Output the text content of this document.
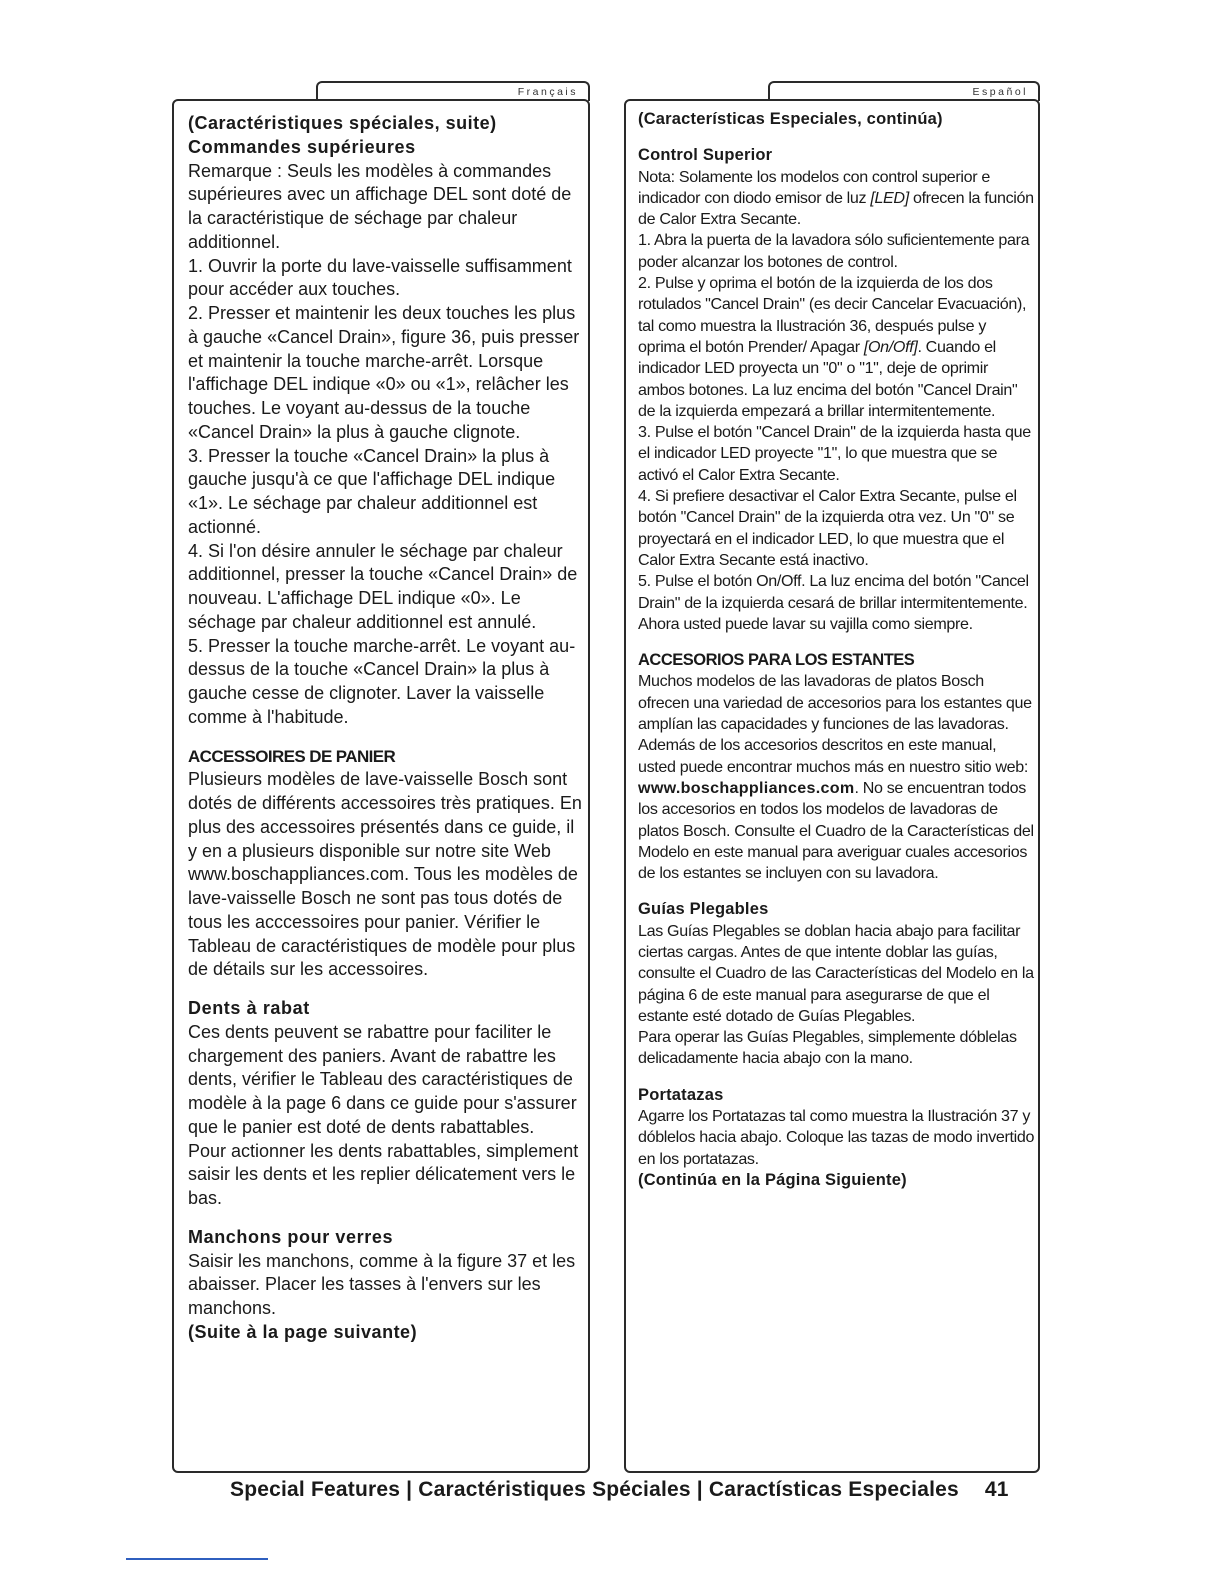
Français	Español
(Caractéristiques spéciales, suite)
Commandes supérieures

Remarque : Seuls les modèles à commandes supérieures avec un affichage DEL sont doté de la caractéristique de séchage par chaleur additionnel.

1. Ouvrir la porte du lave-vaisselle suffisamment pour accéder aux touches.

2. Presser et maintenir les deux touches les plus à gauche «Cancel Drain», figure 36, puis presser et maintenir la touche marche-arrêt. Lorsque l'affichage DEL indique «0» ou «1», relâcher les touches. Le voyant au-dessus de la touche «Cancel Drain» la plus à gauche clignote.

3. Presser la touche «Cancel Drain» la plus à gauche jusqu'à ce que l'affichage DEL indique «1». Le séchage par chaleur additionnel est actionné.

4. Si l'on désire annuler le séchage par chaleur additionnel, presser la touche «Cancel Drain» de nouveau. L'affichage DEL indique «0». Le séchage par chaleur additionnel est annulé.

5. Presser la touche marche-arrêt. Le voyant au-dessus de la touche «Cancel Drain» la plus à gauche cesse de clignoter. Laver la vaisselle comme à l'habitude.

ACCESSOIRES DE PANIER

Plusieurs modèles de lave-vaisselle Bosch sont dotés de différents accessoires très pratiques. En plus des accessoires présentés dans ce guide, il y en a plusieurs disponible sur notre site Web www.boschappliances.com. Tous les modèles de lave-vaisselle Bosch ne sont pas tous dotés de tous les acccessoires pour panier. Vérifier le Tableau de caractéristiques de modèle pour plus de détails sur les accessoires.

Dents à rabat

Ces dents peuvent se rabattre pour faciliter le chargement des paniers. Avant de rabattre les dents, vérifier le Tableau des caractéristiques de modèle à la page 6 dans ce guide pour s'assurer que le panier est doté de dents rabattables.

Pour actionner les dents rabattables, simplement saisir les dents et les replier délicatement vers le bas.

Manchons pour verres

Saisir les manchons, comme à la figure 37 et les abaisser. Placer les tasses à l'envers sur les manchons.

(Suite à la page suivante)
(Características Especiales, continúa)
Control Superior

Nota: Solamente los modelos con control superior e indicador con diodo emisor de luz [LED] ofrecen la función de Calor Extra Secante.

1. Abra la puerta de la lavadora sólo suficientemente para poder alcanzar los botones de control.

2. Pulse y oprima el botón de la izquierda de los dos rotulados "Cancel Drain" (es decir Cancelar Evacuación), tal como muestra la Ilustración 36, después pulse y oprima el botón Prender/ Apagar [On/Off]. Cuando el indicador LED proyecta un "0" o "1", deje de oprimir ambos botones. La luz encima del botón "Cancel Drain" de la izquierda empezará a brillar intermitentemente.

3. Pulse el botón "Cancel Drain" de la izquierda hasta que el indicador LED proyecte "1", lo que muestra que se activó el Calor Extra Secante.

4. Si prefiere desactivar el Calor Extra Secante, pulse el botón "Cancel Drain" de la izquierda otra vez. Un "0" se proyectará en el indicador LED, lo que muestra que el Calor Extra Secante está inactivo.

5. Pulse el botón On/Off. La luz encima del botón "Cancel Drain" de la izquierda cesará de brillar intermitentemente. Ahora usted puede lavar su vajilla como siempre.

ACCESORIOS PARA LOS ESTANTES

Muchos modelos de las lavadoras de platos Bosch ofrecen una variedad de accesorios para los estantes que amplían las capacidades y funciones de las lavadoras. Además de los accesorios descritos en este manual, usted puede encontrar muchos más en nuestro sitio web: www.boschappliances.com. No se encuentran todos los accesorios en todos los modelos de lavadoras de platos Bosch. Consulte el Cuadro de la Características del Modelo en este manual para averiguar cuales accesorios de los estantes se incluyen con su lavadora.

Guías Plegables

Las Guías Plegables se doblan hacia abajo para facilitar ciertas cargas. Antes de que intente doblar las guías, consulte el Cuadro de las Características del Modelo en la página 6 de este manual para asegurarse de que el estante esté dotado de Guías Plegables.

Para operar las Guías Plegables, simplemente dóblelas delicadamente hacia abajo con la mano.

Portatazas

Agarre los Portatazas tal como muestra la Ilustración 37 y dóblelos hacia abajo. Coloque las tazas de modo invertido en los portatazas.

(Continúa en la Página Siguiente)
Special Features | Caractéristiques Spéciales | Caractísticas Especiales 41
